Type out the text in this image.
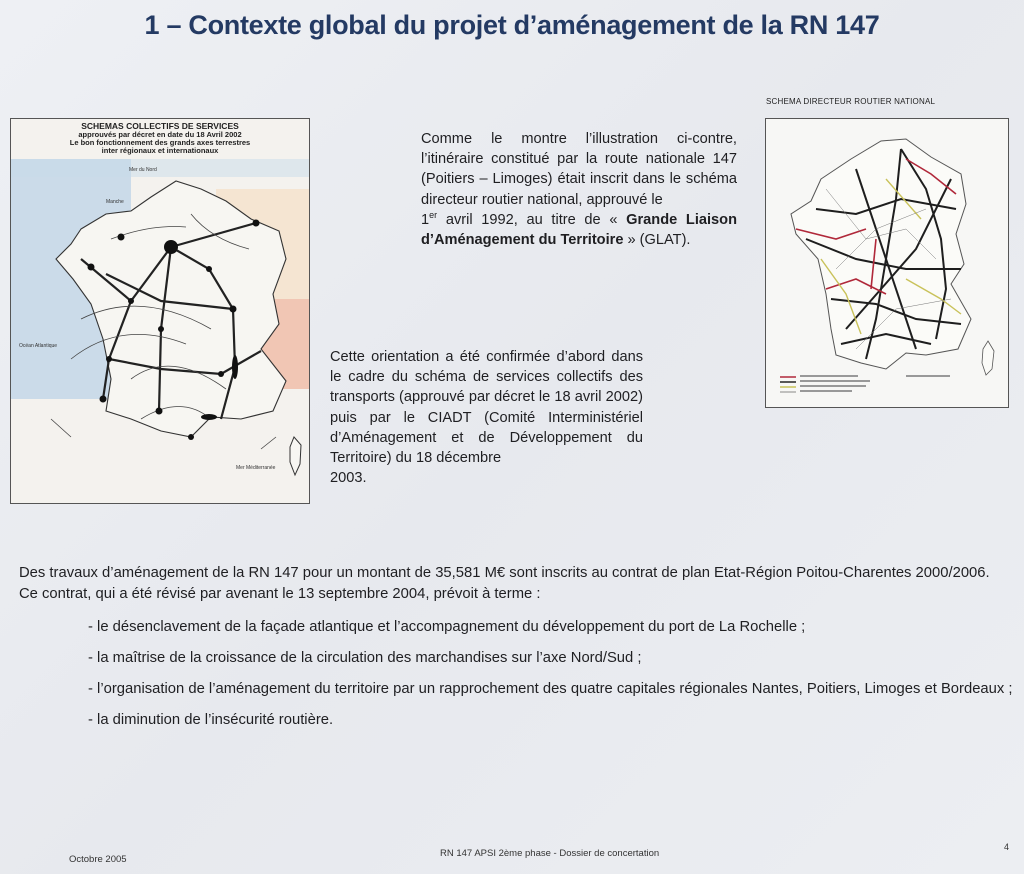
1 – Contexte global du projet d’aménagement de la RN 147
Mer du Nord
Manche
Océan Atlantique
Mer Méditerranée
SCHEMAS COLLECTIFS DE SERVICES
approuvés par décret en date du 18 Avril 2002
Le bon fonctionnement des grands axes terrestres
inter régionaux et internationaux
SCHEMA DIRECTEUR ROUTIER NATIONAL
Comme le montre l’illustration ci-contre, l’itinéraire constitué par la route nationale 147 (Poitiers – Limoges) était inscrit dans le schéma directeur routier national, approuvé le
1er avril 1992, au titre de « Grande Liaison d’Aménagement du Territoire » (GLAT).
Cette orientation a été confirmée d’abord dans le cadre du schéma de services collectifs des transports (approuvé par décret le 18 avril 2002) puis par le CIADT (Comité Interministériel d’Aménagement et de Développement du Territoire) du 18 décembre
2003.
Des travaux d’aménagement de la RN 147 pour un montant de 35,581 M€ sont inscrits au contrat de plan Etat-Région Poitou-Charentes 2000/2006.
Ce contrat, qui a été révisé par avenant le 13 septembre 2004, prévoit à terme :
- le désenclavement de la façade atlantique et l’accompagnement du développement du port de La Rochelle ;
- la maîtrise de la croissance de la circulation des marchandises sur l’axe Nord/Sud ;
- l’organisation de l’aménagement du territoire par un rapprochement des quatre capitales régionales Nantes, Poitiers, Limoges et Bordeaux ;
- la diminution de l’insécurité routière.
Octobre 2005
RN 147 APSI 2ème phase - Dossier de concertation
4
